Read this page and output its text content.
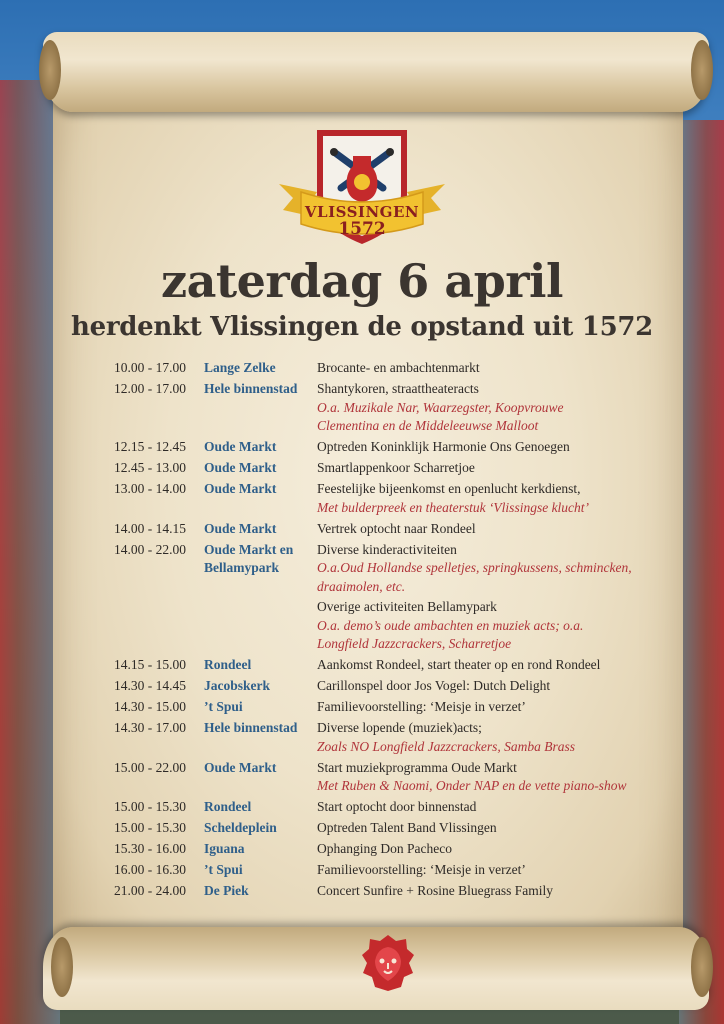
VLISSINGEN
1572
zaterdag 6 april
herdenkt Vlissingen de opstand uit 1572
10.00 - 17.00	Lange Zelke	Brocante- en ambachtenmarkt
12.00 - 17.00	Hele binnenstad	Shantykoren, straattheateracts
O.a. Muzikale Nar, Waarzegster, Koopvrouwe
Clementina en de Middeleeuwse Malloot
12.15 - 12.45	Oude Markt	Optreden Koninklijk Harmonie Ons Genoegen
12.45 - 13.00	Oude Markt	Smartlappenkoor Scharretjoe
13.00 - 14.00	Oude Markt	Feestelijke bijeenkomst en openlucht kerkdienst,
Met bulderpreek en theaterstuk ‘Vlissingse klucht’
14.00 - 14.15	Oude Markt	Vertrek optocht naar Rondeel
14.00 - 22.00	Oude Markt en Bellamypark
Diverse kinderactiviteiten
O.a.Oud Hollandse spelletjes, springkussens, schmincken,
draaimolen, etc.
Overige activiteiten Bellamypark
O.a. demo’s oude ambachten en muziek acts; o.a.
Longfield Jazzcrackers, Scharretjoe
14.15 - 15.00	Rondeel	Aankomst Rondeel, start theater op en rond Rondeel
14.30 - 14.45	Jacobskerk	Carillonspel door Jos Vogel: Dutch Delight
14.30 - 15.00	’t Spui	Familievoorstelling: ‘Meisje in verzet’
14.30 - 17.00	Hele binnenstad	Diverse lopende (muziek)acts;
Zoals NO Longfield Jazzcrackers, Samba Brass
15.00 - 22.00	Oude Markt	Start muziekprogramma Oude Markt
Met Ruben & Naomi, Onder NAP en de vette piano-show
15.00 - 15.30	Rondeel	Start optocht door binnenstad
15.00 - 15.30	Scheldeplein	Optreden Talent Band Vlissingen
15.30 - 16.00	Iguana	Ophanging Don Pacheco
16.00 - 16.30	’t Spui	Familievoorstelling: ‘Meisje in verzet’
21.00 - 24.00	De Piek	Concert Sunfire + Rosine Bluegrass Family
